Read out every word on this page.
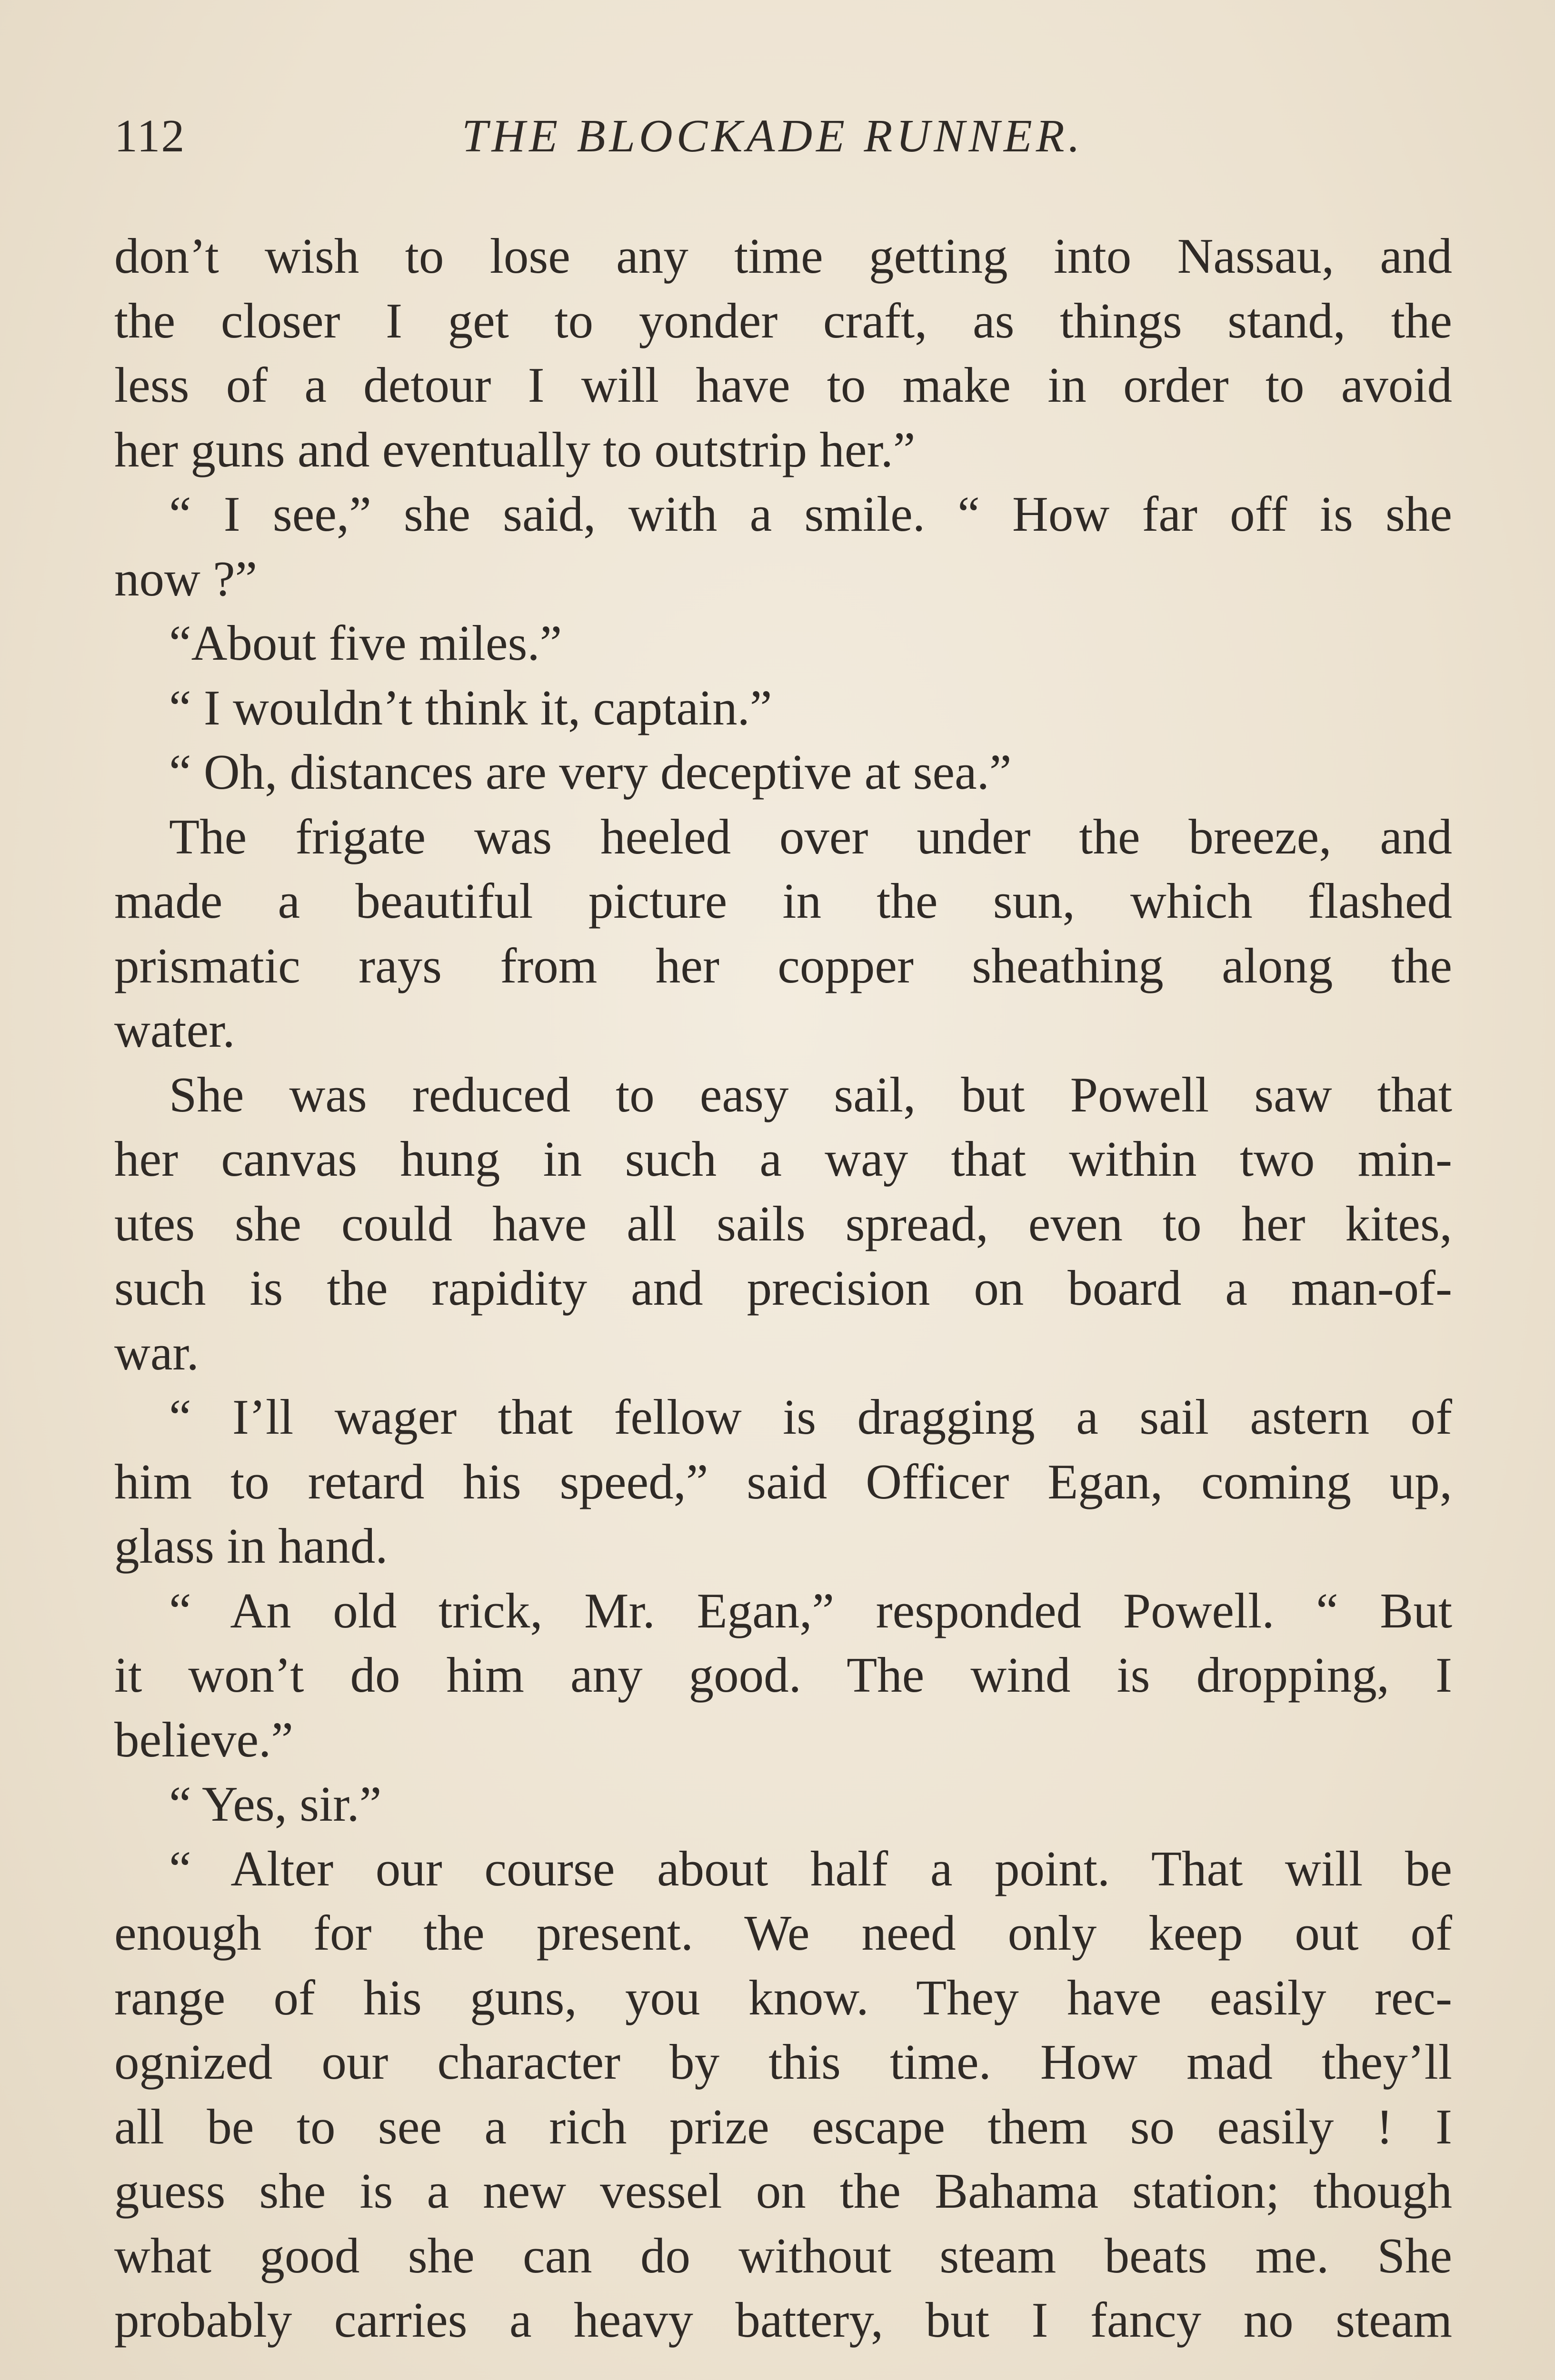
112	THE BLOCKADE RUNNER.
don’t wish to lose any time getting into Nassau, and
the closer I get to yonder craft, as things stand, the
less of a detour I will have to make in order to avoid
her guns and eventually to outstrip her.”
“ I see,” she said, with a smile. “ How far off is she
now ?”
“About five miles.”
“ I wouldn’t think it, captain.”
“ Oh, distances are very deceptive at sea.”
The frigate was heeled over under the breeze, and
made a beautiful picture in the sun, which flashed
prismatic rays from her copper sheathing along the
water.
She was reduced to easy sail, but Powell saw that
her canvas hung in such a way that within two min-
utes she could have all sails spread, even to her kites,
such is the rapidity and precision on board a man-of-
war.
“ I’ll wager that fellow is dragging a sail astern of
him to retard his speed,” said Officer Egan, coming up,
glass in hand.
“ An old trick, Mr. Egan,” responded Powell. “ But
it won’t do him any good. The wind is dropping, I
believe.”
“ Yes, sir.”
“ Alter our course about half a point. That will be
enough for the present. We need only keep out of
range of his guns, you know. They have easily rec-
ognized our character by this time. How mad they’ll
all be to see a rich prize escape them so easily ! I
guess she is a new vessel on the Bahama station; though
what good she can do without steam beats me. She
probably carries a heavy battery, but I fancy no steam
